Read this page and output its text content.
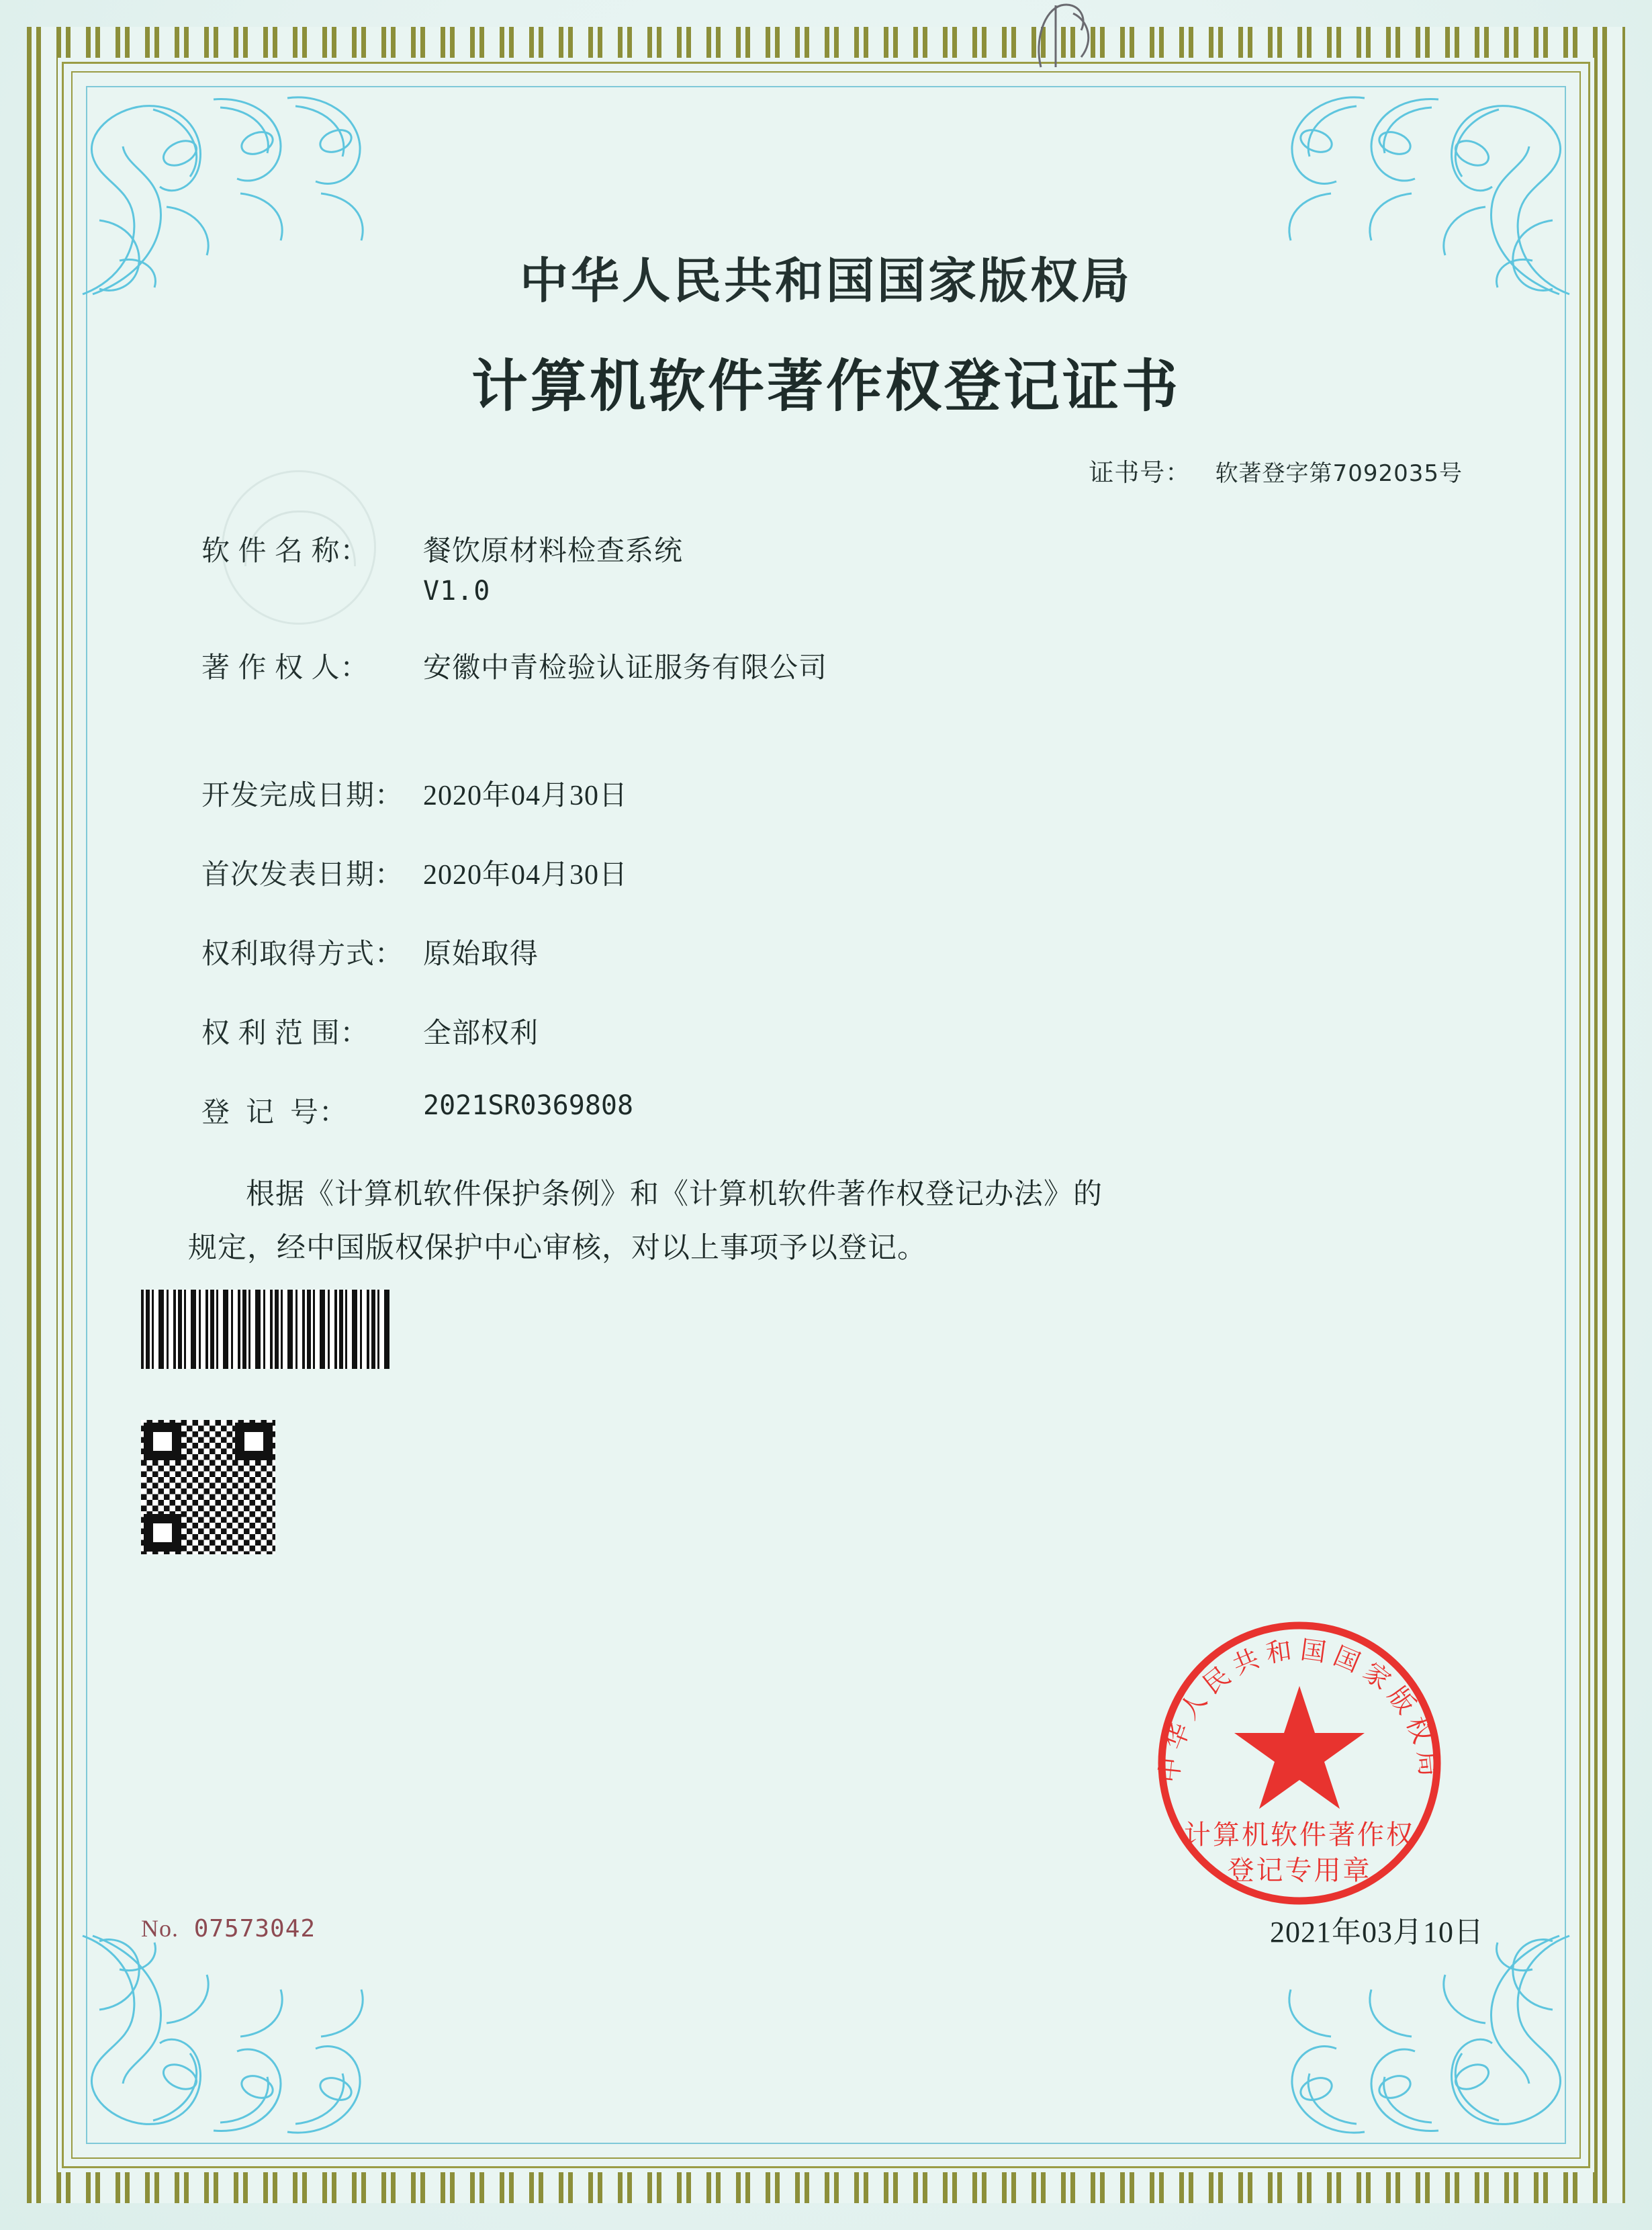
中华人民共和国国家版权局
计算机软件著作权登记证书
证书号： 软著登字第7092035号
软 件 名 称：	餐饮原材料检查系统
V1.0
著 作 权 人：	安徽中青检验认证服务有限公司
开发完成日期： 2020年04月30日
首次发表日期： 2020年04月30日
权利取得方式： 原始取得
权 利 范 围：	全部权利
登  记  号：	2021SR0369808
根据《计算机软件保护条例》和《计算机软件著作权登记办法》的
规定，经中国版权保护中心审核，对以上事项予以登记。
No. 07573042	2021年03月10日
中华人民共和国国家版权局
计算机软件著作权
登记专用章
